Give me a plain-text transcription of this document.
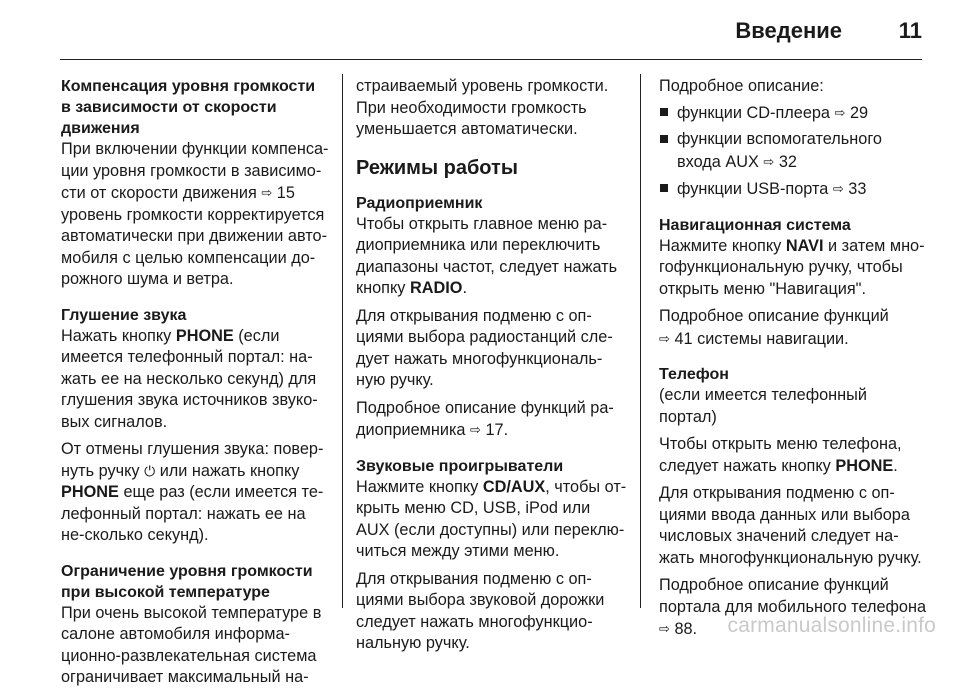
Введение	11
Компенсация уровня громкости в зависимости от скорости движения

При включении функции компенса-ции уровня громкости в зависимо-сти от скорости движения ⇨ 15 уровень громкости корректируется автоматически при движении авто-мобиля с целью компенсации до-рожного шума и ветра.

Глушение звука

Нажать кнопку PHONE (если имеется телефонный портал: на-жать ее на несколько секунд) для глушения звука источников звуко-вых сигналов.

От отмены глушения звука: повер-нуть ручку ⏻ или нажать кнопку PHONE еще раз (если имеется те-лефонный портал: нажать ее на не-сколько секунд).

Ограничение уровня громкости при высокой температуре

При очень высокой температуре в салоне автомобиля информа-ционно-развлекательная система ограничивает максимальный на-

страиваемый уровень громкости. При необходимости громкость уменьшается автоматически.

Режимы работы
Радиоприемник

Чтобы открыть главное меню ра-диоприемника или переключить диапазоны частот, следует нажать кнопку RADIO.

Для открывания подменю с оп-циями выбора радиостанций сле-дует нажать многофункциональ-ную ручку.

Подробное описание функций ра-диоприемника ⇨ 17.

Звуковые проигрыватели

Нажмите кнопку CD/AUX, чтобы от-крыть меню CD, USB, iPod или AUX (если доступны) или переклю-читься между этими меню.

Для открывания подменю с оп-циями выбора звуковой дорожки следует нажать многофункцио-нальную ручку.

Подробное описание:

функции CD-плеера ⇨ 29
функции вспомогательного входа AUX ⇨ 32
функции USB-порта ⇨ 33
Навигационная система

Нажмите кнопку NAVI и затем мно-гофункциональную ручку, чтобы открыть меню "Навигация".

Подробное описание функций
⇨ 41 системы навигации.

Телефон

(если имеется телефонный портал)

Чтобы открыть меню телефона, следует нажать кнопку PHONE.

Для открывания подменю с оп-циями ввода данных или выбора числовых значений следует на-жать многофункциональную ручку.

Подробное описание функций портала для мобильного телефона
⇨ 88.	carmanualsonline.info
